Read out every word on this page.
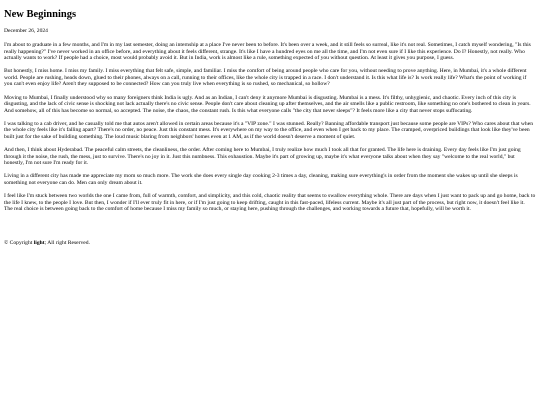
New Beginnings
December 26, 2024

I'm about to graduate in a few months, and I'm in my last semester, doing an internship at a place I've never been to before. It's been over a week, and it still feels so surreal, like it's not real. Sometimes, I catch myself wondering, "Is this really happening?" I've never worked in an office before, and everything about it feels different, strange. It's like I have a hundred eyes on me all the time, and I'm not even sure if I like this experience. Do I? Honestly, not really. Who actually wants to work? If people had a choice, most would probably avoid it. But in India, work is almost like a rule, something expected of you without question. At least it gives you purpose, I guess.

But honestly, I miss home. I miss my family. I miss everything that felt safe, simple, and familiar. I miss the comfort of being around people who care for you, without needing to prove anything. Here, in Mumbai, it's a whole different world. People are rushing, heads down, glued to their phones, always on a call, running to their offices, like the whole city is trapped in a race. I don't understand it. Is this what life is? Is work really life? What's the point of working if you can't even enjoy life? Aren't they supposed to be connected? How can you truly live when everything is so rushed, so mechanical, so hollow?

Moving to Mumbai, I finally understood why so many foreigners think India is ugly. And as an Indian, I can't deny it anymore Mumbai is disgusting. Mumbai is a mess. It's filthy, unhygienic, and chaotic. Every inch of this city is disgusting, and the lack of civic sense is shocking not lack actually there's no civic sense. People don't care about cleaning up after themselves, and the air smells like a public restroom, like something no one's bothered to clean in years. And somehow, all of this has become so normal, so accepted. The noise, the chaos, the constant rush. Is this what everyone calls "the city that never sleeps"? It feels more like a city that never stops suffocating.

I was talking to a cab driver, and he casually told me that autos aren't allowed in certain areas because it's a "VIP zone." I was stunned. Really? Banning affordable transport just because some people are VIPs? Who cares about that when the whole city feels like it's falling apart? There's no order, no peace. Just this constant mess. It's everywhere on my way to the office, and even when I get back to my place. The cramped, overpriced buildings that look like they've been built just for the sake of building something. The loud music blaring from neighbors' homes even at 1 AM, as if the world doesn't deserve a moment of quiet.

And then, I think about Hyderabad. The peaceful calm streets, the cleanliness, the order. After coming here to Mumbai, I truly realize how much I took all that for granted. The life here is draining. Every day feels like I'm just going through it the noise, the rush, the mess, just to survive. There's no joy in it. Just this numbness. This exhaustion. Maybe it's part of growing up, maybe it's what everyone talks about when they say "welcome to the real world," but honestly, I'm not sure I'm ready for it.

Living in a different city has made me appreciate my mom so much more. The work she does every single day cooking 2-3 times a day, cleaning, making sure everything's in order from the moment she wakes up until she sleeps is something not everyone can do. Men can only dream about it.

I feel like I'm stuck between two worlds the one I came from, full of warmth, comfort, and simplicity, and this cold, chaotic reality that seems to swallow everything whole. There are days when I just want to pack up and go home, back to the life I knew, to the people I love. But then, I wonder if I'll ever truly fit in here, or if I'm just going to keep drifting, caught in this fast-paced, lifeless current. Maybe it's all just part of the process, but right now, it doesn't feel like it.

The real choice is between going back to the comfort of home because I miss my family so much, or staying here, pushing through the challenges, and working towards a future that, hopefully, will be worth it.

© Copyright light; All right Reserved.
